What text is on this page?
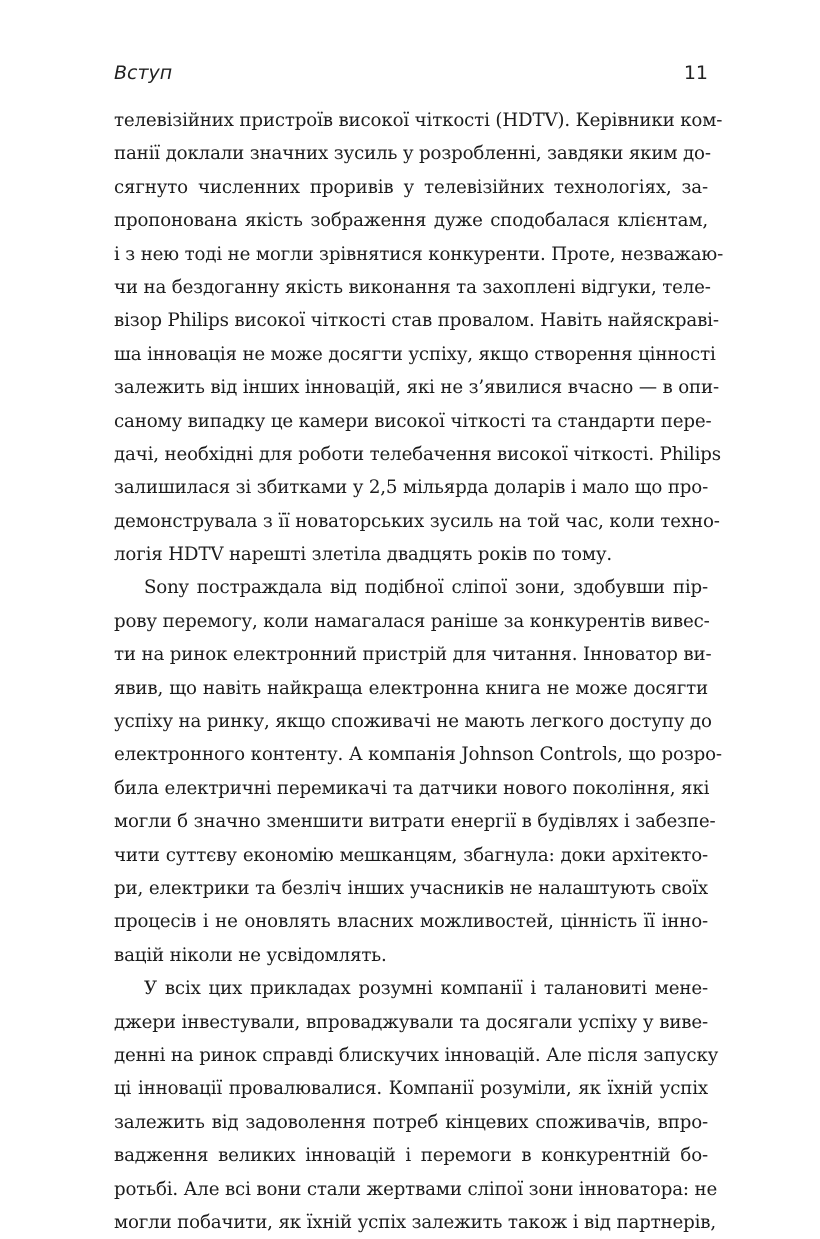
Вступ	11

телевізійних пристроїв високої чіткості (HDTV). Керівники ком-
панії доклали значних зусиль у розробленні, завдяки яким до-
сягнуто численних проривів у телевізійних технологіях, за-
пропонована якість зображення дуже сподобалася клієнтам,
і з нею тоді не могли зрівнятися конкуренти. Проте, незважаю-
чи на бездоганну якість виконання та захоплені відгуки, теле-
візор Philips високої чіткості став провалом. Навіть найяскраві-
ша інновація не може досягти успіху, якщо створення цінності
залежить від інших інновацій, які не з’явилися вчасно — в опи-
саному випадку це камери високої чіткості та стандарти пере-
дачі, необхідні для роботи телебачення високої чіткості. Philips
залишилася зі збитками у 2,5 мільярда доларів і мало що про-
демонструвала з її новаторських зусиль на той час, коли техно-
логія HDTV нарешті злетіла двадцять років по тому.

Sony постраждала від подібної сліпої зони, здобувши пір-
рову перемогу, коли намагалася раніше за конкурентів вивес-
ти на ринок електронний пристрій для читання. Інноватор ви-
явив, що навіть найкраща електронна книга не може досягти
успіху на ринку, якщо споживачі не мають легкого доступу до
електронного контенту. А компанія Johnson Controls, що розро-
била електричні перемикачі та датчики нового покоління, які
могли б значно зменшити витрати енергії в будівлях і забезпе-
чити суттєву економію мешканцям, збагнула: доки архітекто-
ри, електрики та безліч інших учасників не налаштують своїх
процесів і не оновлять власних можливостей, цінність її інно-
вацій ніколи не усвідомлять.

У всіх цих прикладах розумні компанії і талановиті мене-
джери інвестували, впроваджували та досягали успіху у виве-
денні на ринок справді блискучих інновацій. Але після запуску
ці інновації провалювалися. Компанії розуміли, як їхній успіх
залежить від задоволення потреб кінцевих споживачів, впро-
вадження великих інновацій і перемоги в конкурентній бо-
ротьбі. Але всі вони стали жертвами сліпої зони інноватора: не
могли побачити, як їхній успіх залежить також і від партнерів,
